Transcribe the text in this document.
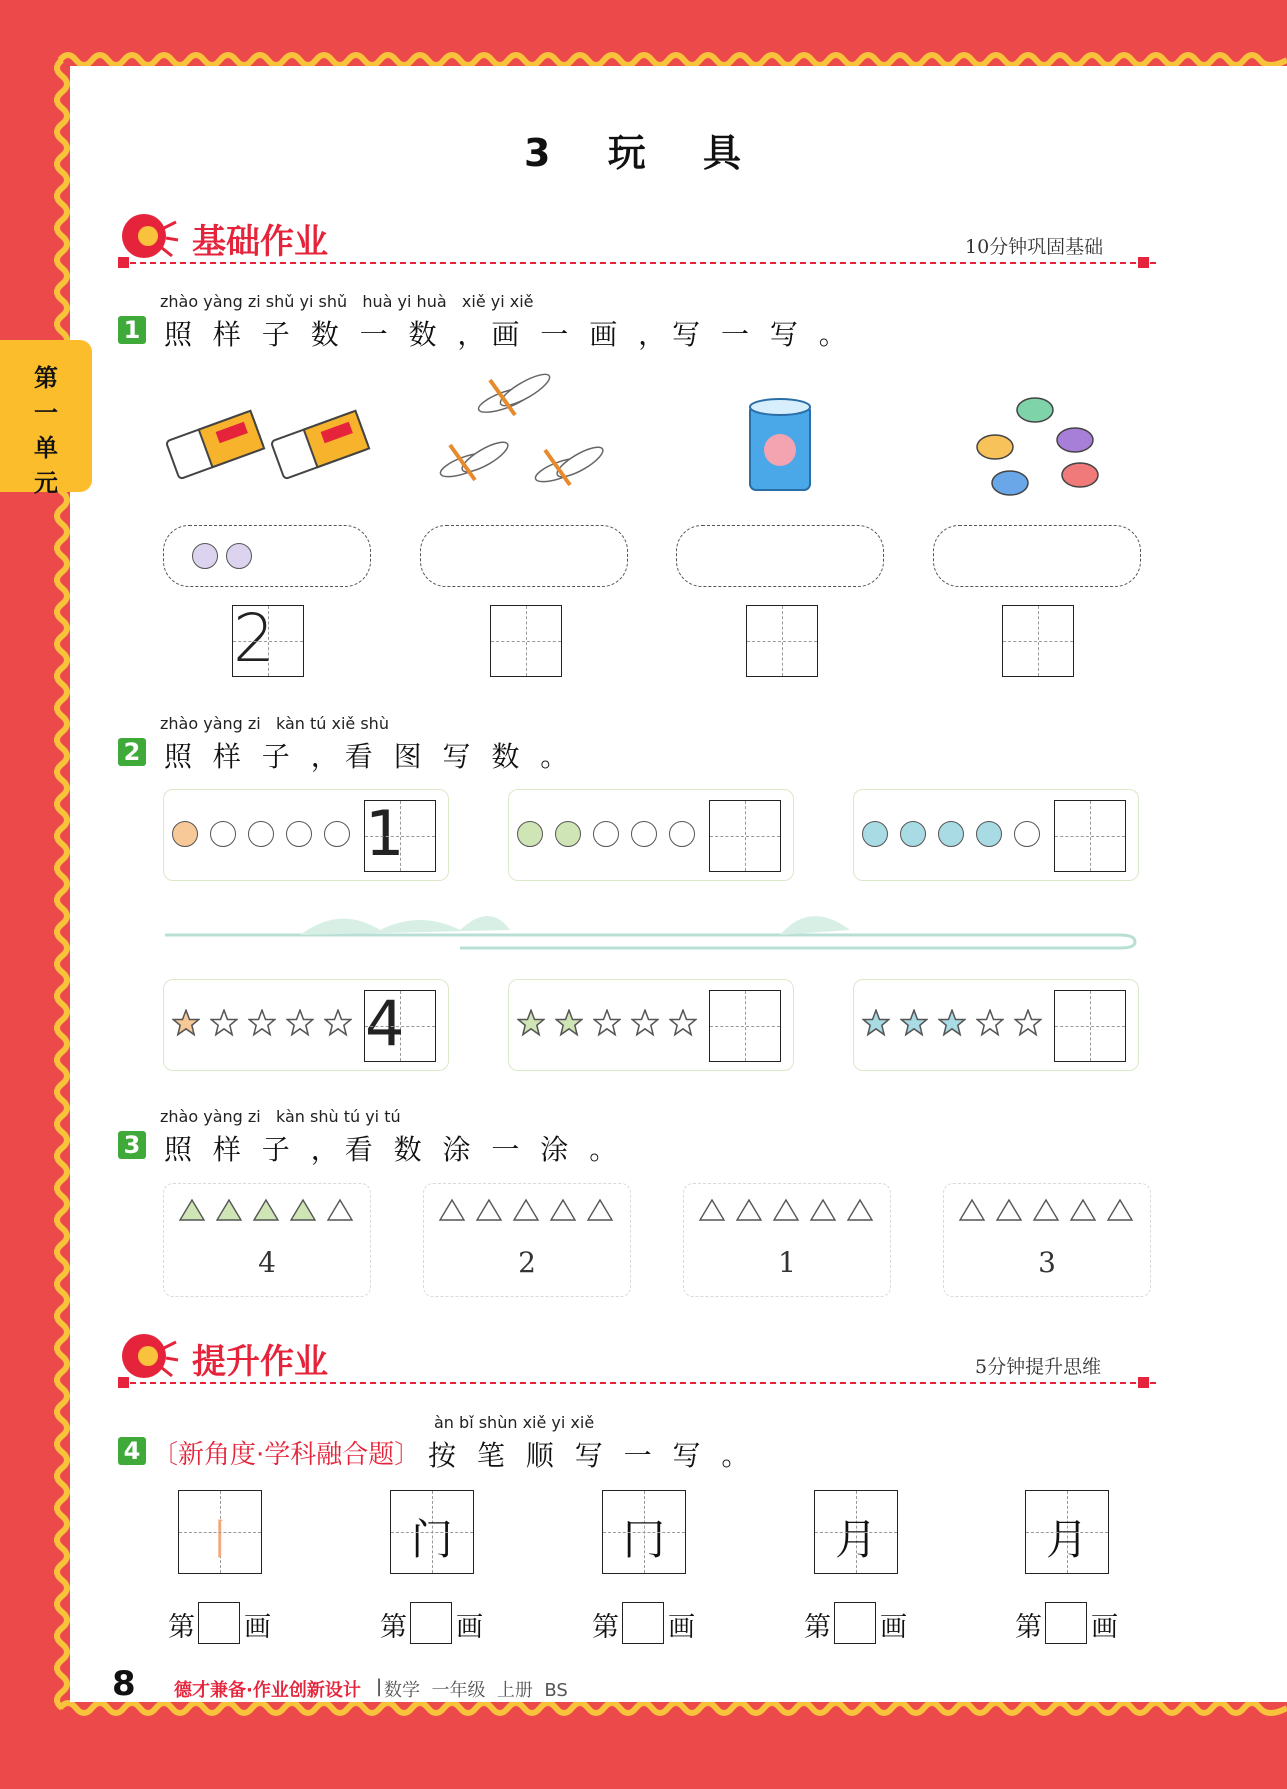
第
一
单
元
3 玩 具
基础作业	10分钟巩固基础
zhào yàng zi shǔ yi shǔ   huà yi huà   xiě yi xiě
1 照 样 子 数 一 数 ，画 一 画 ，写 一 写 。
2
zhào yàng zi   kàn tú xiě shù
2 照 样 子 ，看 图 写 数 。
1
4
zhào yàng zi   kàn shù tú yi tú
3 照 样 子 ，看 数 涂 一 涂 。
4	2	1	3
提升作业	5分钟提升思维
àn bǐ shùn xiě yi xiě
4 〔新角度·学科融合题〕 按 笔 顺 写 一 写 。
丨
第 画
门
第 画
冂
第 画
月
第 画
月
第 画
8 德才兼备·作业创新设计 | 数学  一年级  上册  BS
